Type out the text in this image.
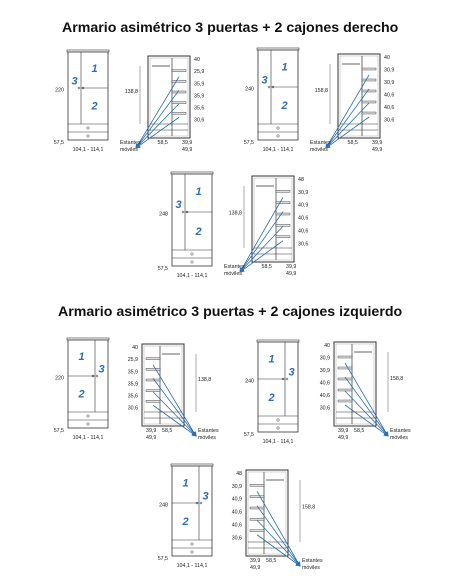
Armario asimétrico 3 puertas + 2 cajones derecho
Armario asimétrico 3 puertas + 2 cajones izquierdo
1
2
3
220
57,5
104,1 - 114,1
40
25,9
35,9
35,9
35,6
30,6
138,8
58,5	39,9
49,9
Estantes
móviles
1
2
3
240
57,5
104,1 - 114,1
40
30,9
30,9
40,6
40,6
30,6
158,8
58,5	39,9
49,9
Estantes
móviles
1
2
3
248
57,5
104,1 - 114,1
48
30,9
40,9
40,6
40,6
30,6
138,8
58,5	39,9
49,9
Estantes
móviles
1
2
3
220
57,5
104,1 - 114,1
40
25,9
35,9
35,9
35,6
30,6
138,8
39,9
49,9
58,5	Estantes
móviles
1
2
3
240
57,5
104,1 - 114,1
40
30,9
30,9
40,6
40,6
30,6
158,8
39,9
49,9
58,5	Estantes
móviles
1
2
3
248
57,5
104,1 - 114,1
48
30,9
40,9
40,6
40,6
30,6
158,8
39,9
49,9
58,5	Estantes
móviles
